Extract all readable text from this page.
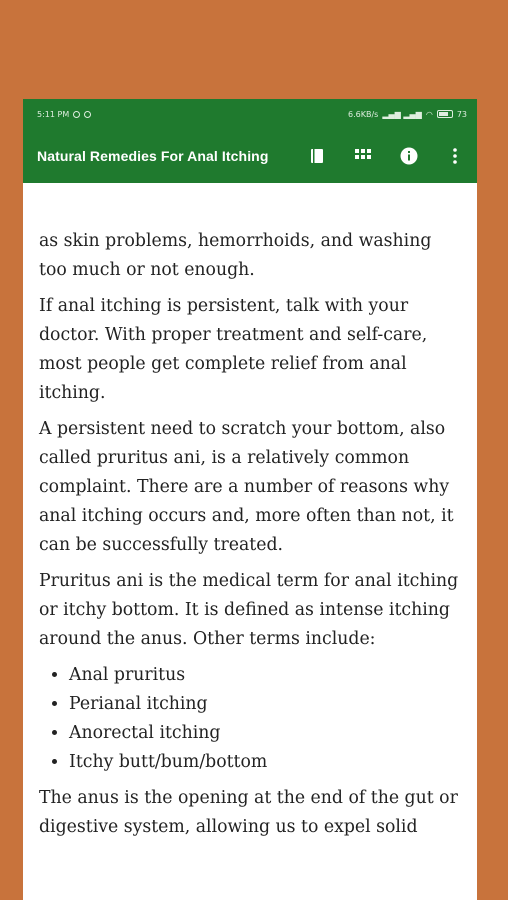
5:11 PM	6.6KB/s ▂▄▆ ▂▄▆ ◠	73
Natural Remedies For Anal Itching

as skin problems, hemorrhoids, and washing too much or not enough.

If anal itching is persistent, talk with your doctor. With proper treatment and self-care, most people get complete relief from anal itching.

A persistent need to scratch your bottom, also called pruritus ani, is a relatively common complaint. There are a number of reasons why anal itching occurs and, more often than not, it can be successfully treated.

Pruritus ani is the medical term for anal itching or itchy bottom. It is defined as intense itching around the anus. Other terms include:

• Anal pruritus
• Perianal itching
• Anorectal itching
• Itchy butt/bum/bottom

The anus is the opening at the end of the gut or digestive system, allowing us to expel solid
